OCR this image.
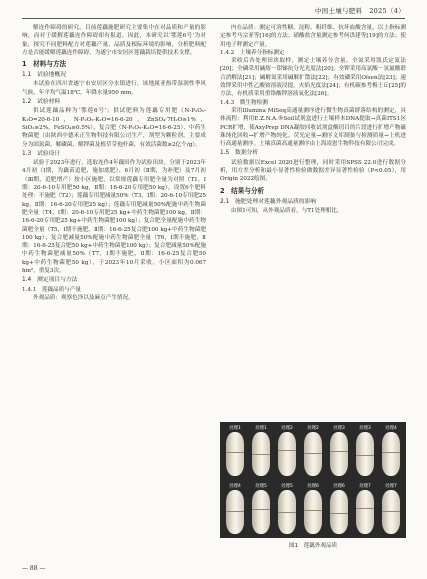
中国土壤与肥料　2025（4）

解连作障碍的研究，目前莲藕施肥研究主要集中在对品质和产量的影响，而对于缓解莲藕连作障碍却有报道。因此，本研究以‘鄂莲6号’为对象，探究不同肥料配方对莲藕产量、品质及根际环境的影响，分析肥料配方是否能缓解莲藕连作障碍，为遂宁市安居区莲藕栽培提供技术支撑。

1　材料与方法
1.1　试验地概况

本试验在四川省遂宁市安居区分水镇进行，该地属亚热带湿润性季风气候，年平均气温18℃，年降水量950 mm。

1.2　试验材料

供试莲藕品种为‘鄂莲6号’；供试肥料为莲藕专用肥（N-P₂O₅-K₂O=20-6-10，N-P₂O₅-K₂O=16-6-20，ZnSO₄·7H₂O≥1%，SiO₂≥2%，FeSO₄≥0.5%），复合肥（N-P₂O₅-K₂O=16-6-25），中药生物菌肥（由陕西中德禾正生物科技有限公司生产，剂型为颗粒剂，主要成分为固氮菌、解磷菌、解钾菌及植草芽孢杆菌，有效活菌数≥2亿个/g）。

1.3　试验设计

试验于2023年进行，选取连作4年藕田作为试验田块。分别于2023年4月初（Ⅰ期，为藕苗追肥，施加底肥）、6月初（Ⅱ期，为补肥）及7月初（Ⅲ期，追肥增产）按小区施肥，以常规莲藕专用肥全量为对照（T1，Ⅰ期：20-6-10专用肥50 kg，Ⅱ期：16-6-20专用肥50 kg），设置6个肥料处理：不施肥（T2）；莲藕专用肥减量50%（T3，Ⅰ期：20-6-10专用肥25 kg，Ⅱ期：16-6-20专用肥25 kg）；莲藕专用肥减量50%配施中药生物菌肥全量（T4，Ⅰ期：20-6-10专用肥25 kg+中药生物菌肥100 kg，Ⅱ期：16-6-20专用肥25 kg+中药生物菌肥100 kg）；复合肥全量配施中药生物菌肥全量（T5，Ⅰ期不施肥，Ⅱ期：16-6-25复合肥100 kg+中药生物菌肥100 kg）；复合肥减量50%配施中药生物菌肥全量（T6，Ⅰ期不施肥，Ⅱ期：16-6-25复合肥50 kg+中药生物菌肥100 kg）；复合肥减量50%配施中药生物菌肥减量50%（T7，Ⅰ期不施肥，Ⅱ期：16-6-25复合肥50 kg+中药生物菌肥50 kg），于2023年10月采收。小区面积为0.067 hm²，重复3次。

1.4　测定项目与方法
1.4.1　莲藕品质与产量

外观品质：观察色泽以及麻点产生情况。

内在品质：测定可溶性糖、淀粉、粗纤维、抗坏血酸含量，以上指标测定参考马宗亚等[16]的方法；硝酸盐含量测定参考何洪建等[19]的方法；使用电子秤测定产量。

1.4.2　土壤养分指标测定

采收后各处理田块取样，测定土壤养分含量。全氮采用凯氏定氮法[20]；全磷采用碱熔－钼锑抗分光光度法[20]；全钾采用高氯酸－氢氟酸联合消解法[21]；碱解氮采用碱解扩散法[22]；有效磷采用Olsen法[23]；速效钾采用中性乙酸铵溶液浸提，火焰光度法[24]；有机碳参考梅士丘[25]的方法，有机质采用重铬酸钾溶液氧化法[26]。

1.4.3　微生物检测

采用Illumina MiSeq高通量测序进行微生物真菌群落结构的测定，具体流程：利用E.Z.N.A.®Soil试剂盒进行土壤样本DNA提取→真菌ITS1区PCR扩增，使AxyPrep DNA凝胶回收试剂盒酶切目的片段进行扩增产物磁珠纯化回收→扩增产物纯化。荧光定量→测序文库制备与检测质量→上机进行高通量测序。土壤真菌高通量测序由上海凌恩生物科技有限公司完成。

1.5　数据分析

试验数据以Excel 2020进行整理，同时采用SPSS 22.0进行数据分析，用方差分析和最小显著性检验做数据差异显著性检验（P<0.05），用Origin 2022绘图。

2　结果与分析
2.1　施肥处理对莲藕外观品质的影响

由图1可知，从外观品质看，与T1处理相比，

处理1	处理1	处理2	处理2	处理3	处理3	处理4
处理4	处理5	处理5	处理6	处理6	处理7	处理7
图1　莲藕外观品质
— 88 —
